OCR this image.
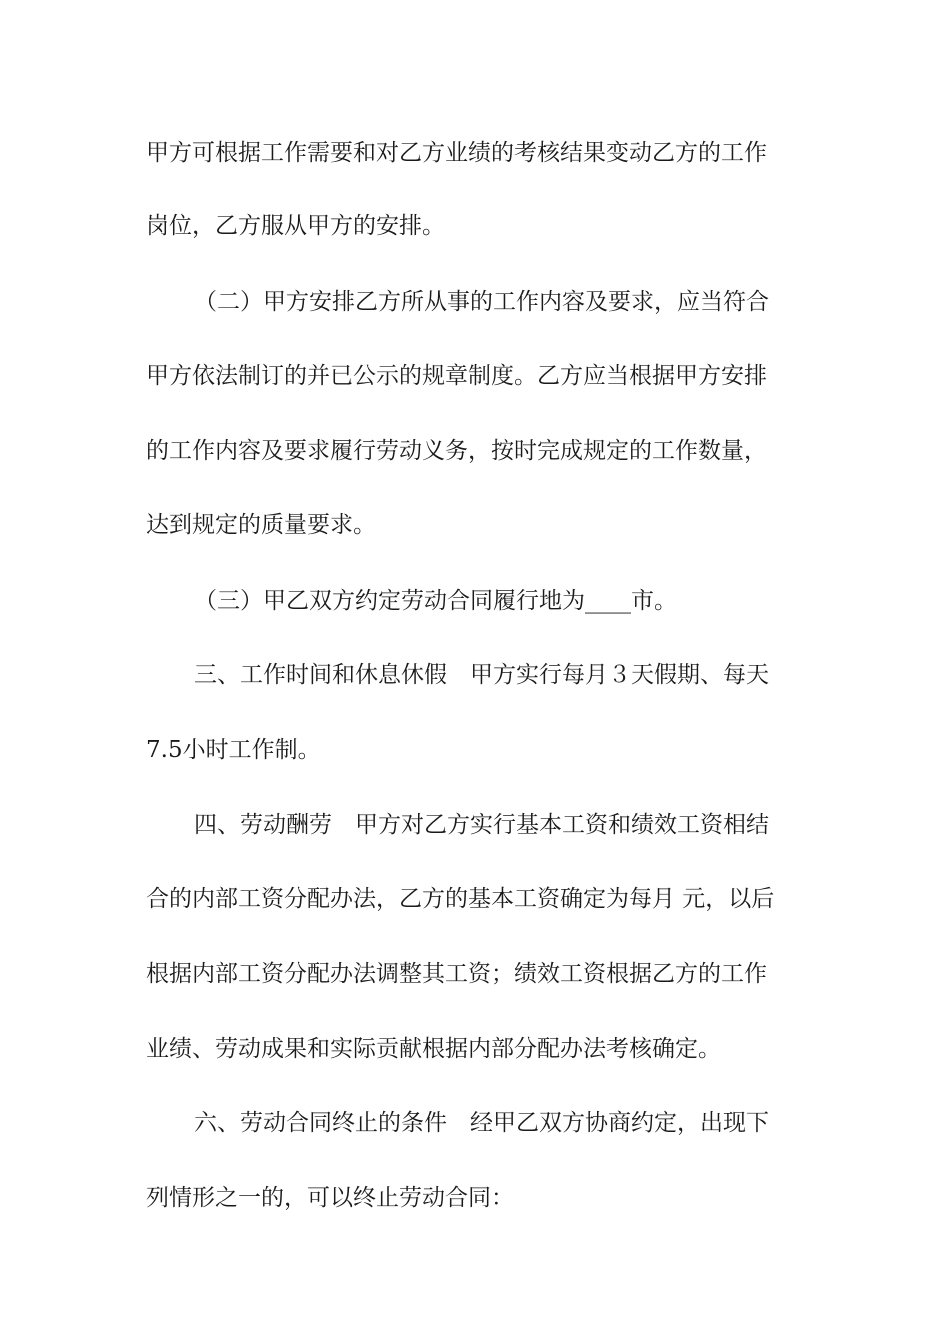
甲方可根据工作需要和对乙方业绩的考核结果变动乙方的工作

岗位，乙方服从甲方的安排。

（二）甲方安排乙方所从事的工作内容及要求，应当符合

甲方依法制订的并已公示的规章制度。乙方应当根据甲方安排

的工作内容及要求履行劳动义务，按时完成规定的工作数量，

达到规定的质量要求。

（三）甲乙双方约定劳动合同履行地为____市。

三、工作时间和休息休假　甲方实行每月３天假期、每天

7.5小时工作制。

四、劳动酬劳　甲方对乙方实行基本工资和绩效工资相结

合的内部工资分配办法，乙方的基本工资确定为每月 元，以后

根据内部工资分配办法调整其工资；绩效工资根据乙方的工作

业绩、劳动成果和实际贡献根据内部分配办法考核确定。

六、劳动合同终止的条件　经甲乙双方协商约定，出现下

列情形之一的，可以终止劳动合同：
